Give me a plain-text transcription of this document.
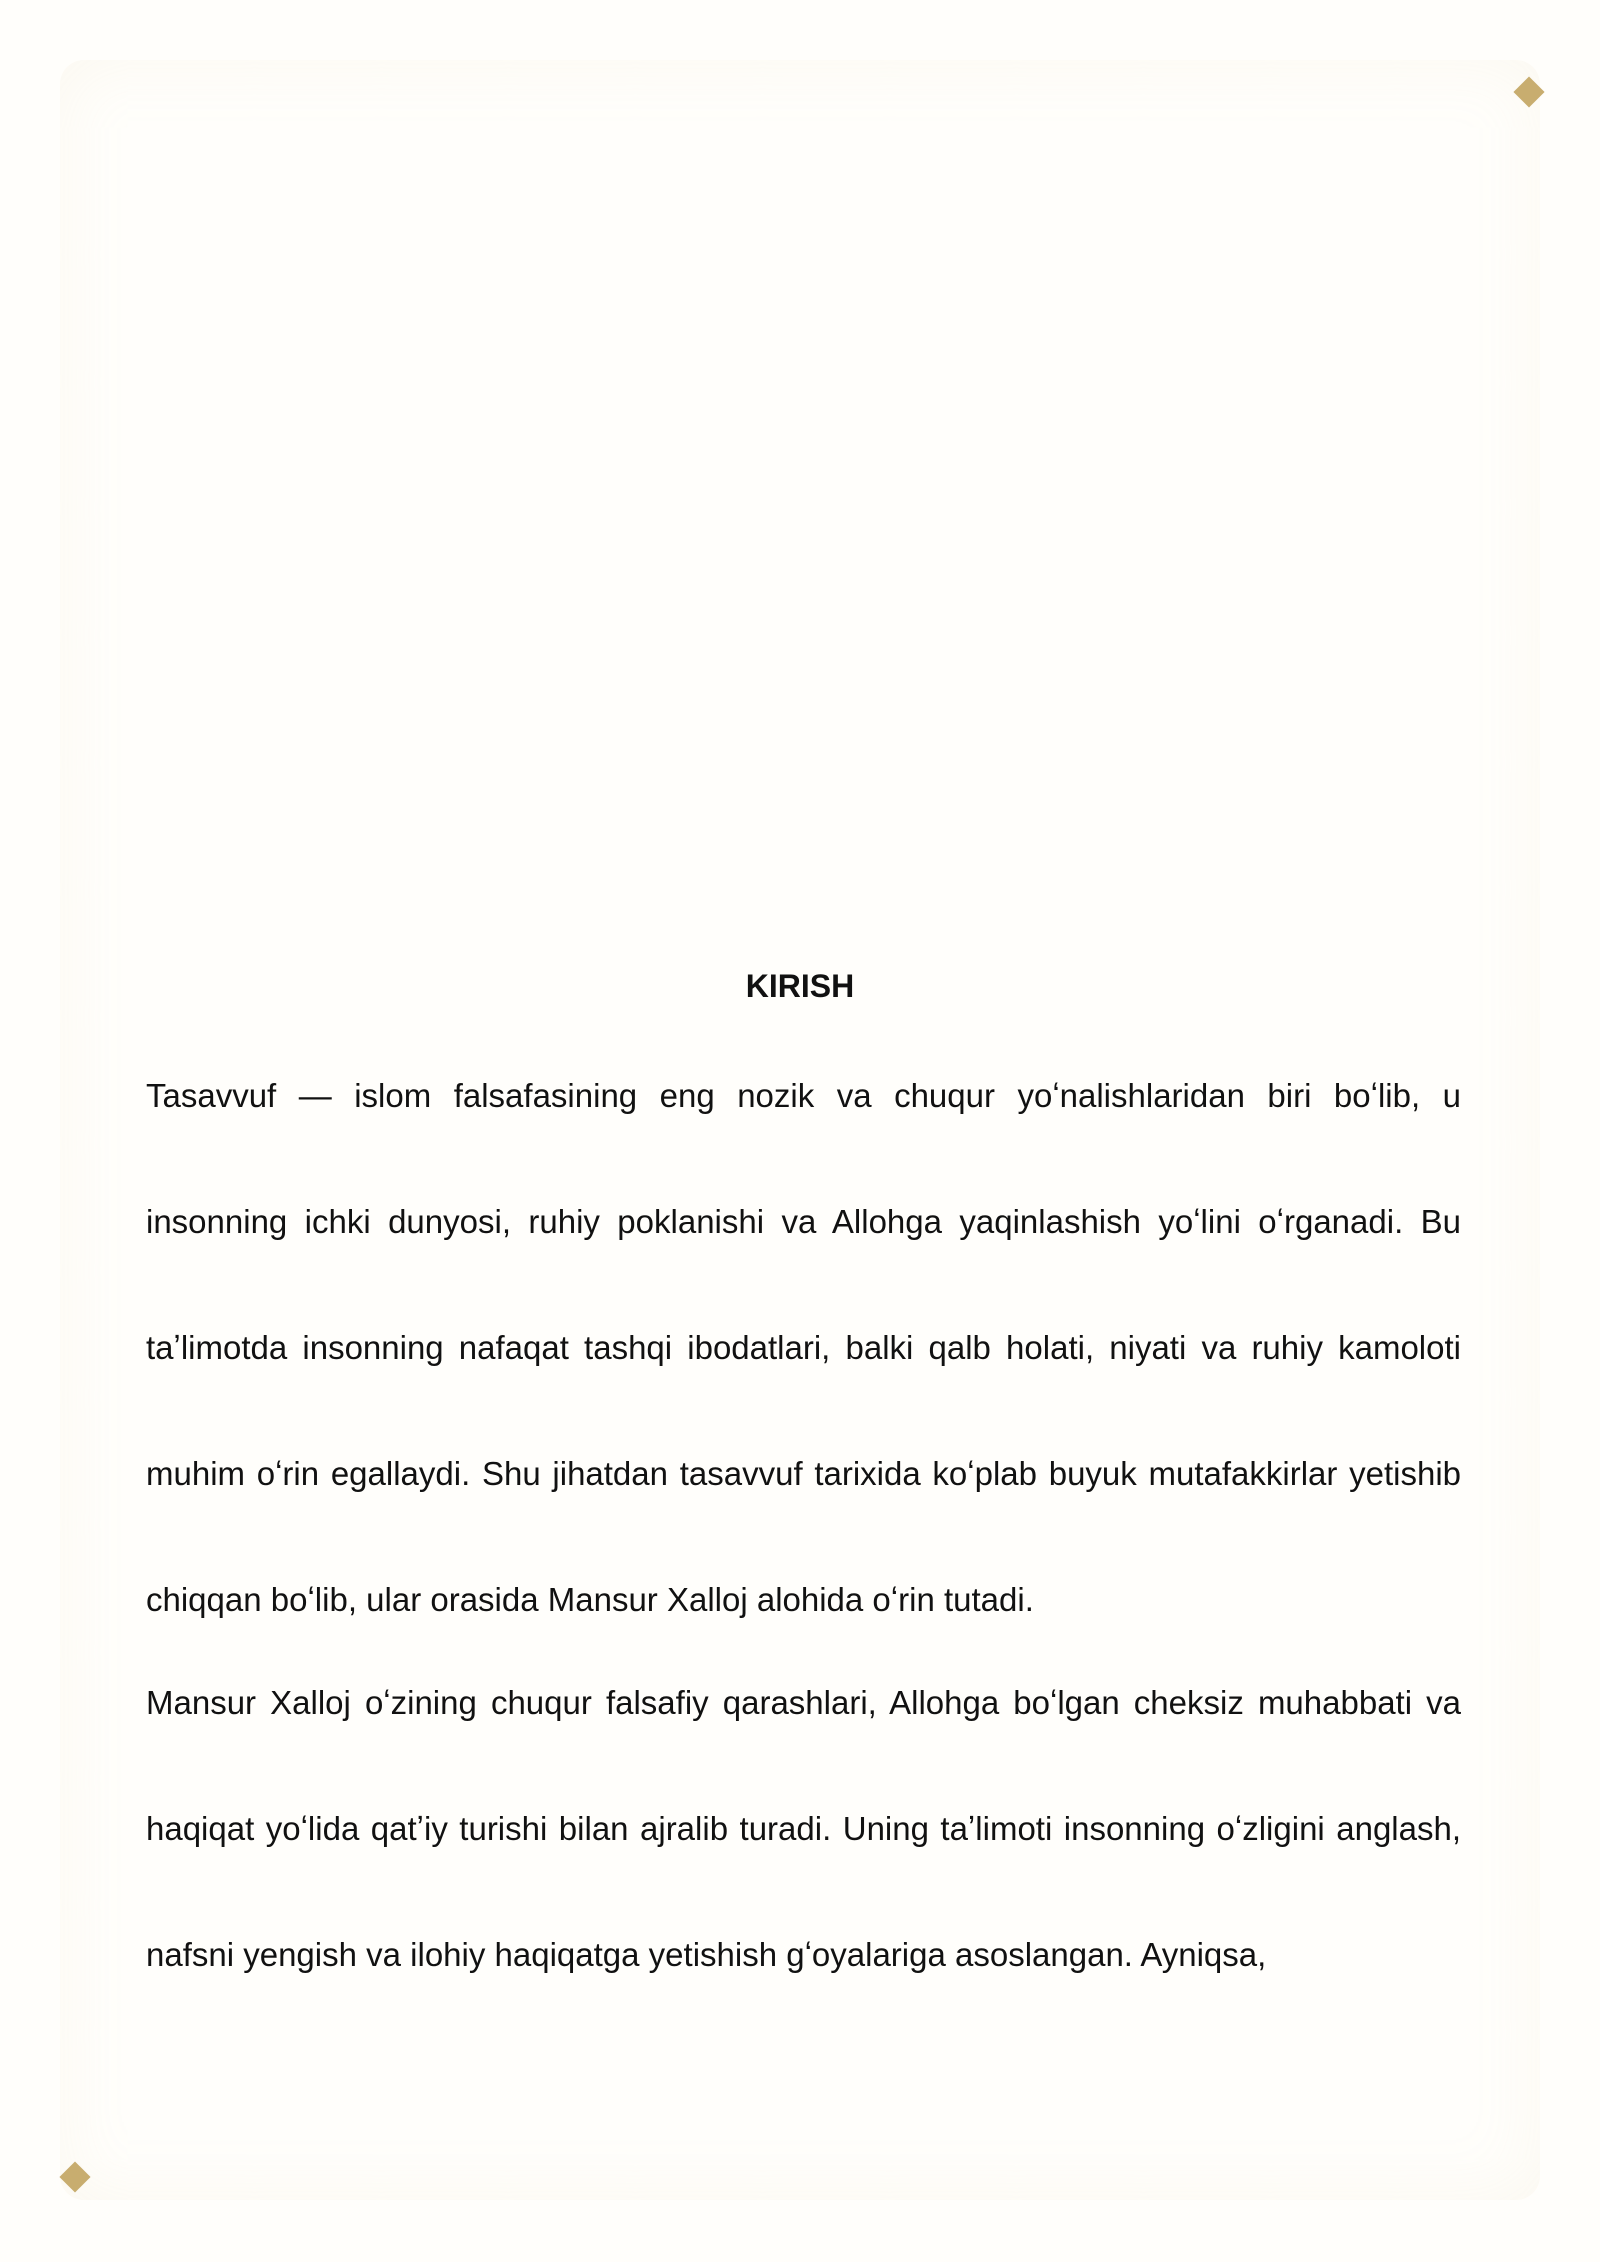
KIRISH

Tasavvuf — islom falsafasining eng nozik va chuqur yoʻnalishlaridan biri boʻlib, u insonning ichki dunyosi, ruhiy poklanishi va Allohga yaqinlashish yoʻlini oʻrganadi. Bu taʼlimotda insonning nafaqat tashqi ibodatlari, balki qalb holati, niyati va ruhiy kamoloti muhim oʻrin egallaydi. Shu jihatdan tasavvuf tarixida koʻplab buyuk mutafakkirlar yetishib chiqqan boʻlib, ular orasida Mansur Xalloj alohida oʻrin tutadi.

Mansur Xalloj oʻzining chuqur falsafiy qarashlari, Allohga boʻlgan cheksiz muhabbati va haqiqat yoʻlida qatʼiy turishi bilan ajralib turadi. Uning taʼlimoti insonning oʻzligini anglash, nafsni yengish va ilohiy haqiqatga yetishish gʻoyalariga asoslangan. Ayniqsa,
